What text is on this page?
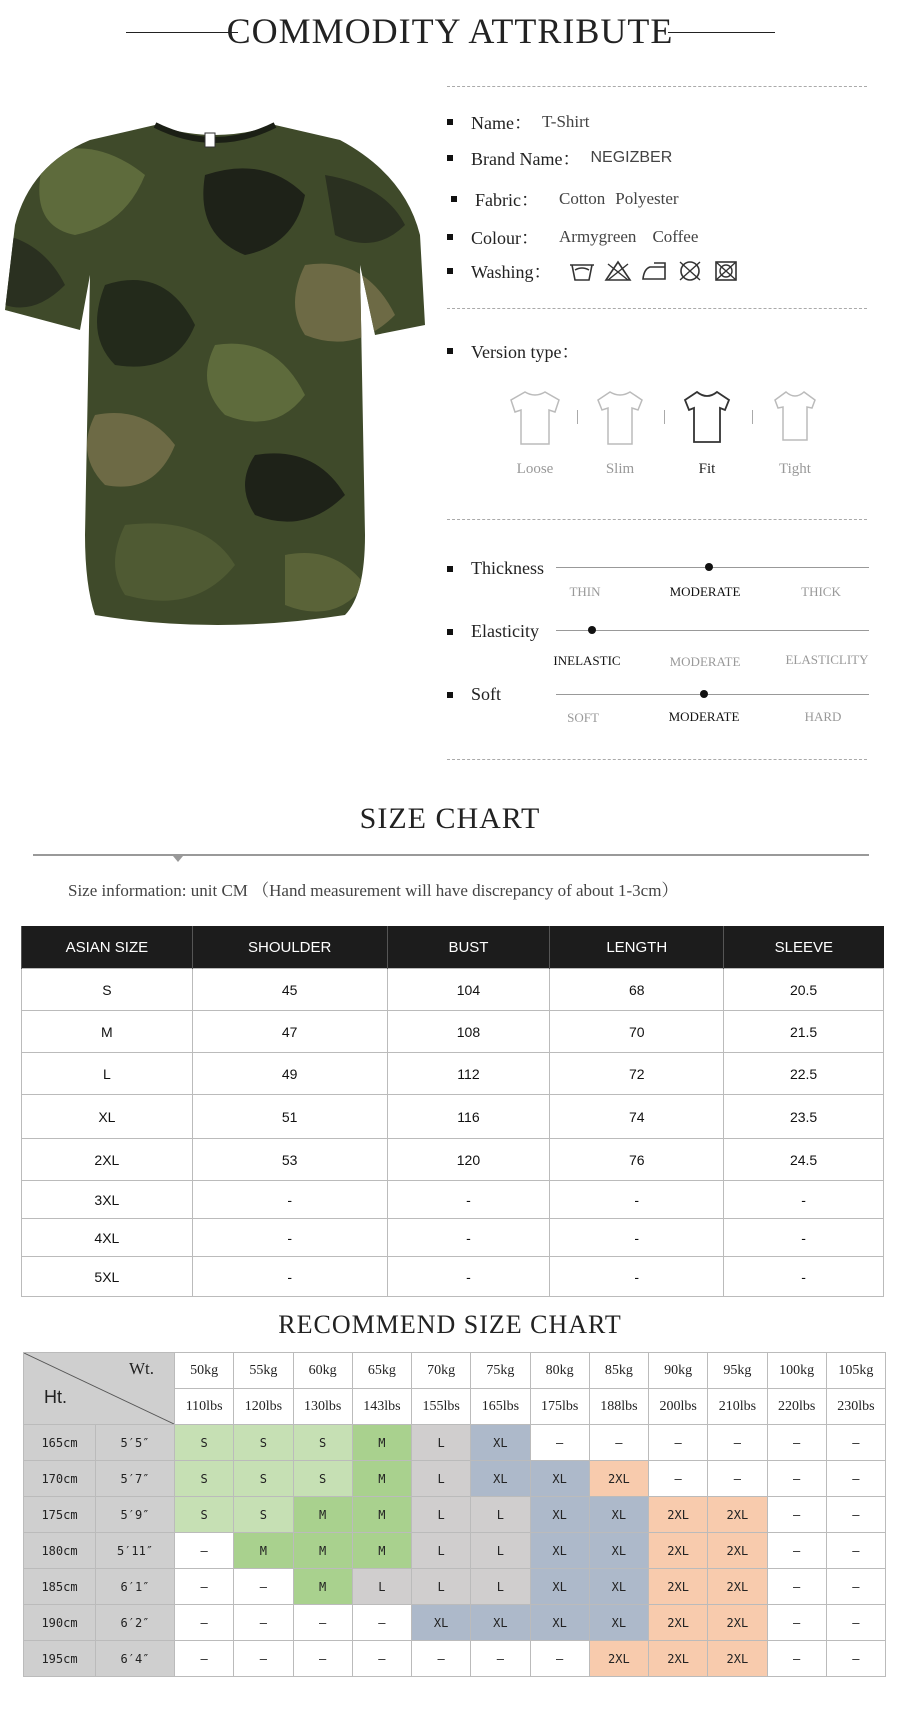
COMMODITY ATTRIBUTE
Name： T-Shirt
Brand Name： NEGIZBER
Fabric： Cotton Polyester
Colour： Armygreen Coffee
Washing：
Version type：
Loose	Slim	Fit	Tight
Thickness
THIN	MODERATE	THICK
Elasticity
INELASTIC	MODERATE	ELASTICLITY
Soft
SOFT	MODERATE	HARD
SIZE CHART
Size information: unit CM （Hand measurement will have discrepancy of about 1-3cm）
ASIAN SIZE	SHOULDER	BUST	LENGTH	SLEEVE
S	45	104	68	20.5
M	47	108	70	21.5
L	49	112	72	22.5
XL	51	116	74	23.5
2XL	53	120	76	24.5
3XL	-	-	-	-
4XL	-	-	-	-
5XL	-	-	-	-
RECOMMEND SIZE CHART
Wt.
Ht.		50kg	55kg	60kg	65kg	70kg	75kg	80kg	85kg	90kg	95kg	100kg	105kg
		110lbs	120lbs	130lbs	143lbs	155lbs	165lbs	175lbs	188lbs	200lbs	210lbs	220lbs	230lbs
165cm	5′5″	S	S	S	M	L	XL	–	–	–	–	–	–
170cm	5′7″	S	S	S	M	L	XL	XL	2XL	–	–	–	–
175cm	5′9″	S	S	M	M	L	L	XL	XL	2XL	2XL	–	–
180cm	5′11″	–	M	M	M	L	L	XL	XL	2XL	2XL	–	–
185cm	6′1″	–	–	M	L	L	L	XL	XL	2XL	2XL	–	–
190cm	6′2″	–	–	–	–	XL	XL	XL	XL	2XL	2XL	–	–
195cm	6′4″	–	–	–	–	–	–	–	2XL	2XL	2XL	–	–
